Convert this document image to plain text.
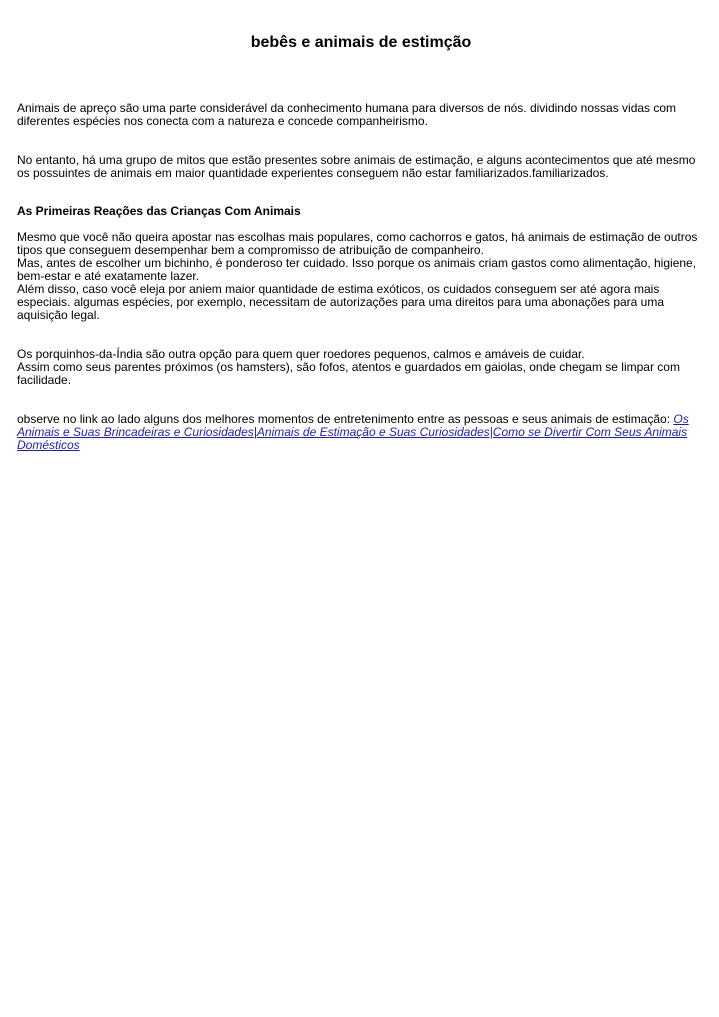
bebês e animais de estimção

Animais de apreço são uma parte considerável da conhecimento humana para diversos de nós. dividindo nossas vidas com
diferentes espécies nos conecta com a natureza e concede companheirismo.

No entanto, há uma grupo de mitos que estão presentes sobre animais de estimação, e alguns acontecimentos que até mesmo
os possuintes de animais em maior quantidade experientes conseguem não estar familiarizados.familiarizados.

As Primeiras Reações das Crianças Com Animais

Mesmo que você não queira apostar nas escolhas mais populares, como cachorros e gatos, há animais de estimação de outros
tipos que conseguem desempenhar bem a compromisso de atribuição de companheiro.
Mas, antes de escolher um bichinho, é ponderoso ter cuidado. Isso porque os animais criam gastos como alimentação, higiene,
bem-estar e até exatamente lazer.
Além disso, caso você eleja por aniem maior quantidade de estima exóticos, os cuidados conseguem ser até agora mais
especiais. algumas espécies, por exemplo, necessitam de autorizações para uma direitos para uma abonações para uma
aquisição legal.

Os porquinhos-da-Índia são outra opção para quem quer roedores pequenos, calmos e amáveis de cuidar.
Assim como seus parentes próximos (os hamsters), são fofos, atentos e guardados em gaiolas, onde chegam se limpar com
facilidade.

observe no link ao lado alguns dos melhores momentos de entretenimento entre as pessoas e seus animais de estimação: Os
Animais e Suas Brincadeiras e Curiosidades|Animais de Estimação e Suas Curiosidades|Como se Divertir Com Seus Animais
Domésticos
